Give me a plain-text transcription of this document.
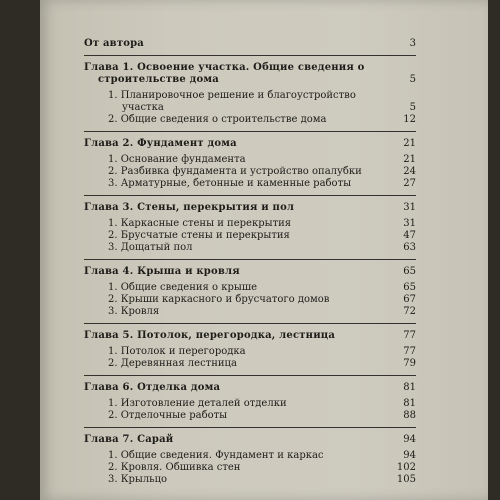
От автора	3
Глава 1. Освоение участка. Общие сведения о строительстве дома	5
1. Планировочное решение и благоустройство участка	5
2. Общие сведения о строительстве дома	12
Глава 2. Фундамент дома	21
1. Основание фундамента	21
2. Разбивка фундамента и устройство опалубки	24
3. Арматурные, бетонные и каменные работы	27
Глава 3. Стены, перекрытия и пол	31
1. Каркасные стены и перекрытия	31
2. Брусчатые стены и перекрытия	47
3. Дощатый пол	63
Глава 4. Крыша и кровля	65
1. Общие сведения о крыше	65
2. Крыши каркасного и брусчатого домов	67
3. Кровля	72
Глава 5. Потолок, перегородка, лестница	77
1. Потолок и перегородка	77
2. Деревянная лестница	79
Глава 6. Отделка дома	81
1. Изготовление деталей отделки	81
2. Отделочные работы	88
Глава 7. Сарай	94
1. Общие сведения. Фундамент и каркас	94
2. Кровля. Обшивка стен	102
3. Крыльцо	105
